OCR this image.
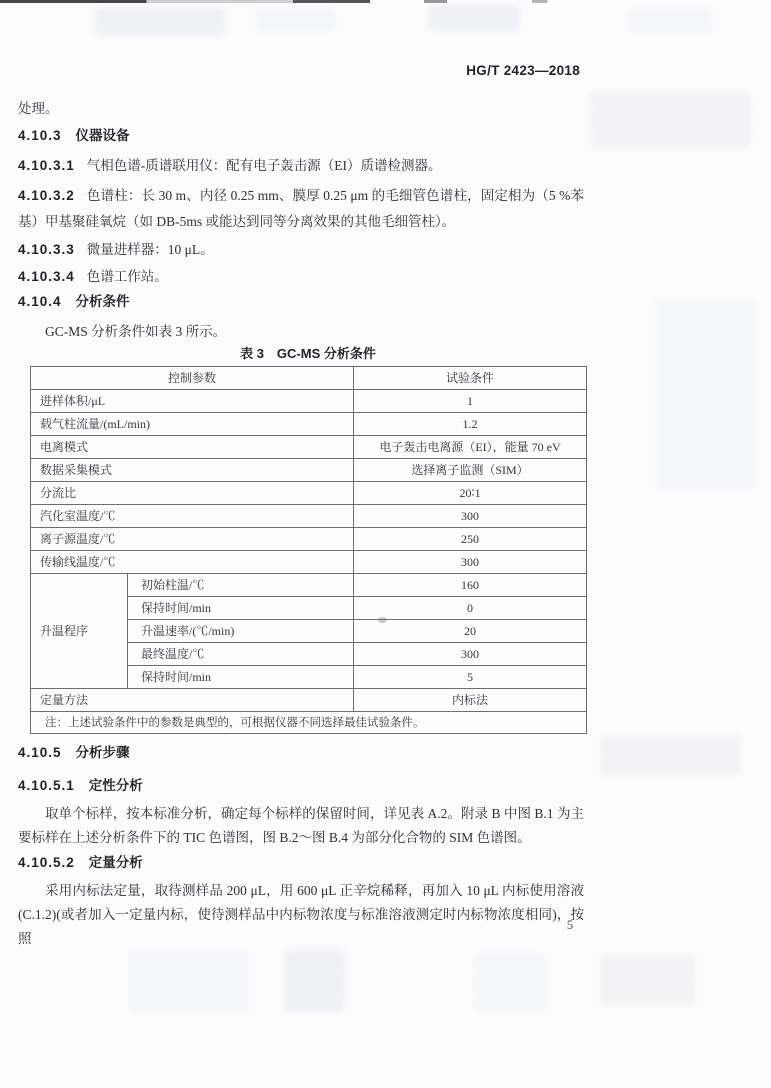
HG/T 2423—2018
处理。
4.10.3 仪器设备
4.10.3.1 气相色谱-质谱联用仪：配有电子轰击源（EI）质谱检测器。
4.10.3.2 色谱柱：长 30 m、内径 0.25 mm、膜厚 0.25 μm 的毛细管色谱柱，固定相为（5 %苯基）甲基聚硅氧烷（如 DB-5ms 或能达到同等分离效果的其他毛细管柱）。
4.10.3.3 微量进样器：10 μL。
4.10.3.4 色谱工作站。
4.10.4 分析条件
GC-MS 分析条件如表 3 所示。
表 3　GC-MS 分析条件
控制参数		试验条件
进样体积/μL		1
载气柱流量/(mL/min)		1.2
电离模式		电子轰击电离源（EI），能量 70 eV
数据采集模式		选择离子监测（SIM）
分流比		20∶1
汽化室温度/℃		300
离子源温度/℃		250
传输线温度/℃		300
升温程序	初始柱温/℃	160
	保持时间/min	0
	升温速率/(℃/min)	20
	最终温度/℃	300
	保持时间/min	5
定量方法		内标法
注：上述试验条件中的参数是典型的，可根据仪器不同选择最佳试验条件。		
4.10.5 分析步骤
4.10.5.1 定性分析
取单个标样，按本标准分析，确定每个标样的保留时间，详见表 A.2。附录 B 中图 B.1 为主要标样在上述分析条件下的 TIC 色谱图，图 B.2～图 B.4 为部分化合物的 SIM 色谱图。
4.10.5.2 定量分析
采用内标法定量，取待测样品 200 μL，用 600 μL 正辛烷稀释，再加入 10 μL 内标使用溶液(C.1.2)(或者加入一定量内标，使待测样品中内标物浓度与标准溶液测定时内标物浓度相同)，按照
5
